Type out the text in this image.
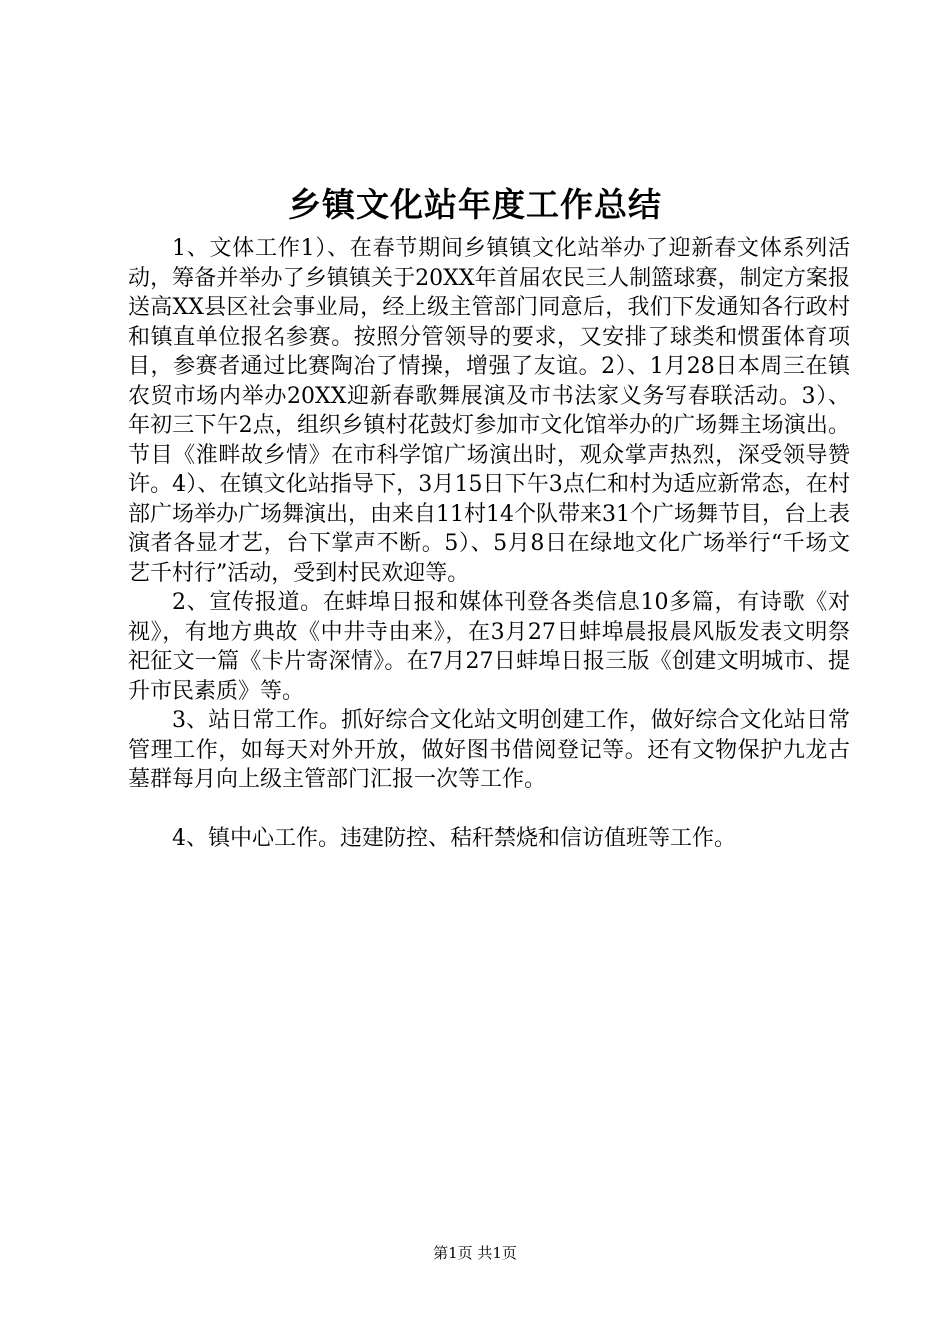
乡镇文化站年度工作总结

1、文体工作1）、在春节期间乡镇镇文化站举办了迎新春文体系列活动，筹备并举办了乡镇镇关于20XX年首届农民三人制篮球赛，制定方案报送高XX县区社会事业局，经上级主管部门同意后，我们下发通知各行政村和镇直单位报名参赛。按照分管领导的要求，又安排了球类和惯蛋体育项目，参赛者通过比赛陶冶了情操，增强了友谊。2）、1月28日本周三在镇农贸市场内举办20XX迎新春歌舞展演及市书法家义务写春联活动。3）、年初三下午2点，组织乡镇村花鼓灯参加市文化馆举办的广场舞主场演出。节目《淮畔故乡情》在市科学馆广场演出时，观众掌声热烈，深受领导赞许。4）、在镇文化站指导下，3月15日下午3点仁和村为适应新常态，在村部广场举办广场舞演出，由来自11村14个队带来31个广场舞节目，台上表演者各显才艺，台下掌声不断。5）、5月8日在绿地文化广场举行“千场文艺千村行”活动，受到村民欢迎等。

2、宣传报道。在蚌埠日报和媒体刊登各类信息10多篇，有诗歌《对视》，有地方典故《中井寺由来》，在3月27日蚌埠晨报晨风版发表文明祭祀征文一篇《卡片寄深情》。在7月27日蚌埠日报三版《创建文明城市、提升市民素质》等。

3、站日常工作。抓好综合文化站文明创建工作，做好综合文化站日常管理工作，如每天对外开放，做好图书借阅登记等。还有文物保护九龙古墓群每月向上级主管部门汇报一次等工作。

4、镇中心工作。违建防控、秸秆禁烧和信访值班等工作。

第1页 共1页
